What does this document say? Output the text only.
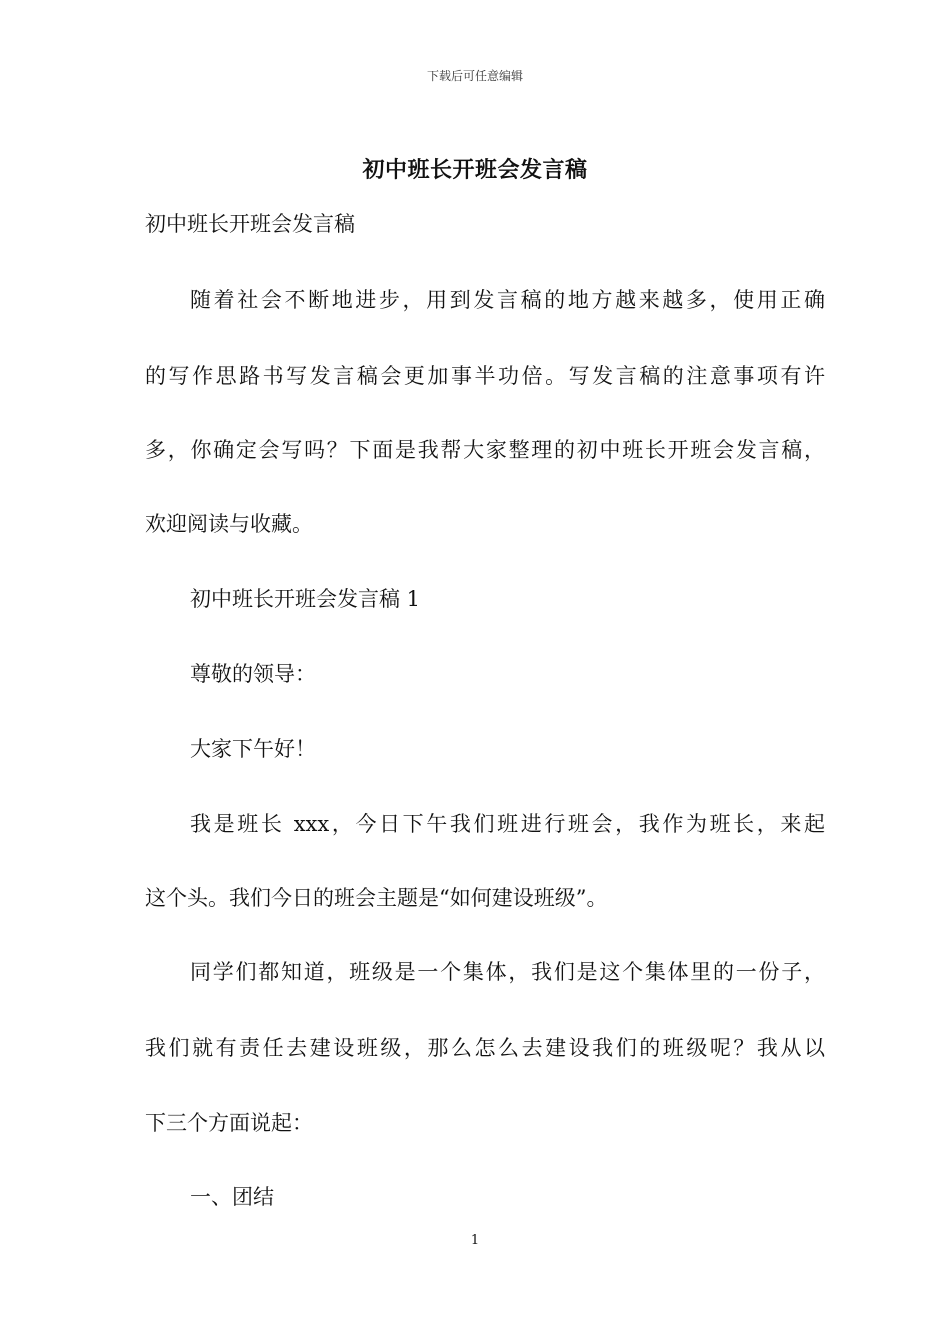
下载后可任意编辑
初中班长开班会发言稿
初中班长开班会发言稿
随着社会不断地进步，用到发言稿的地方越来越多，使用正确
的写作思路书写发言稿会更加事半功倍。写发言稿的注意事项有许
多，你确定会写吗？下面是我帮大家整理的初中班长开班会发言稿，
欢迎阅读与收藏。
初中班长开班会发言稿 1
尊敬的领导：
大家下午好！
我是班长 xxx，今日下午我们班进行班会，我作为班长，来起
这个头。我们今日的班会主题是“如何建设班级”。
同学们都知道，班级是一个集体，我们是这个集体里的一份子，
我们就有责任去建设班级，那么怎么去建设我们的班级呢？我从以
下三个方面说起：
一、团结
1
